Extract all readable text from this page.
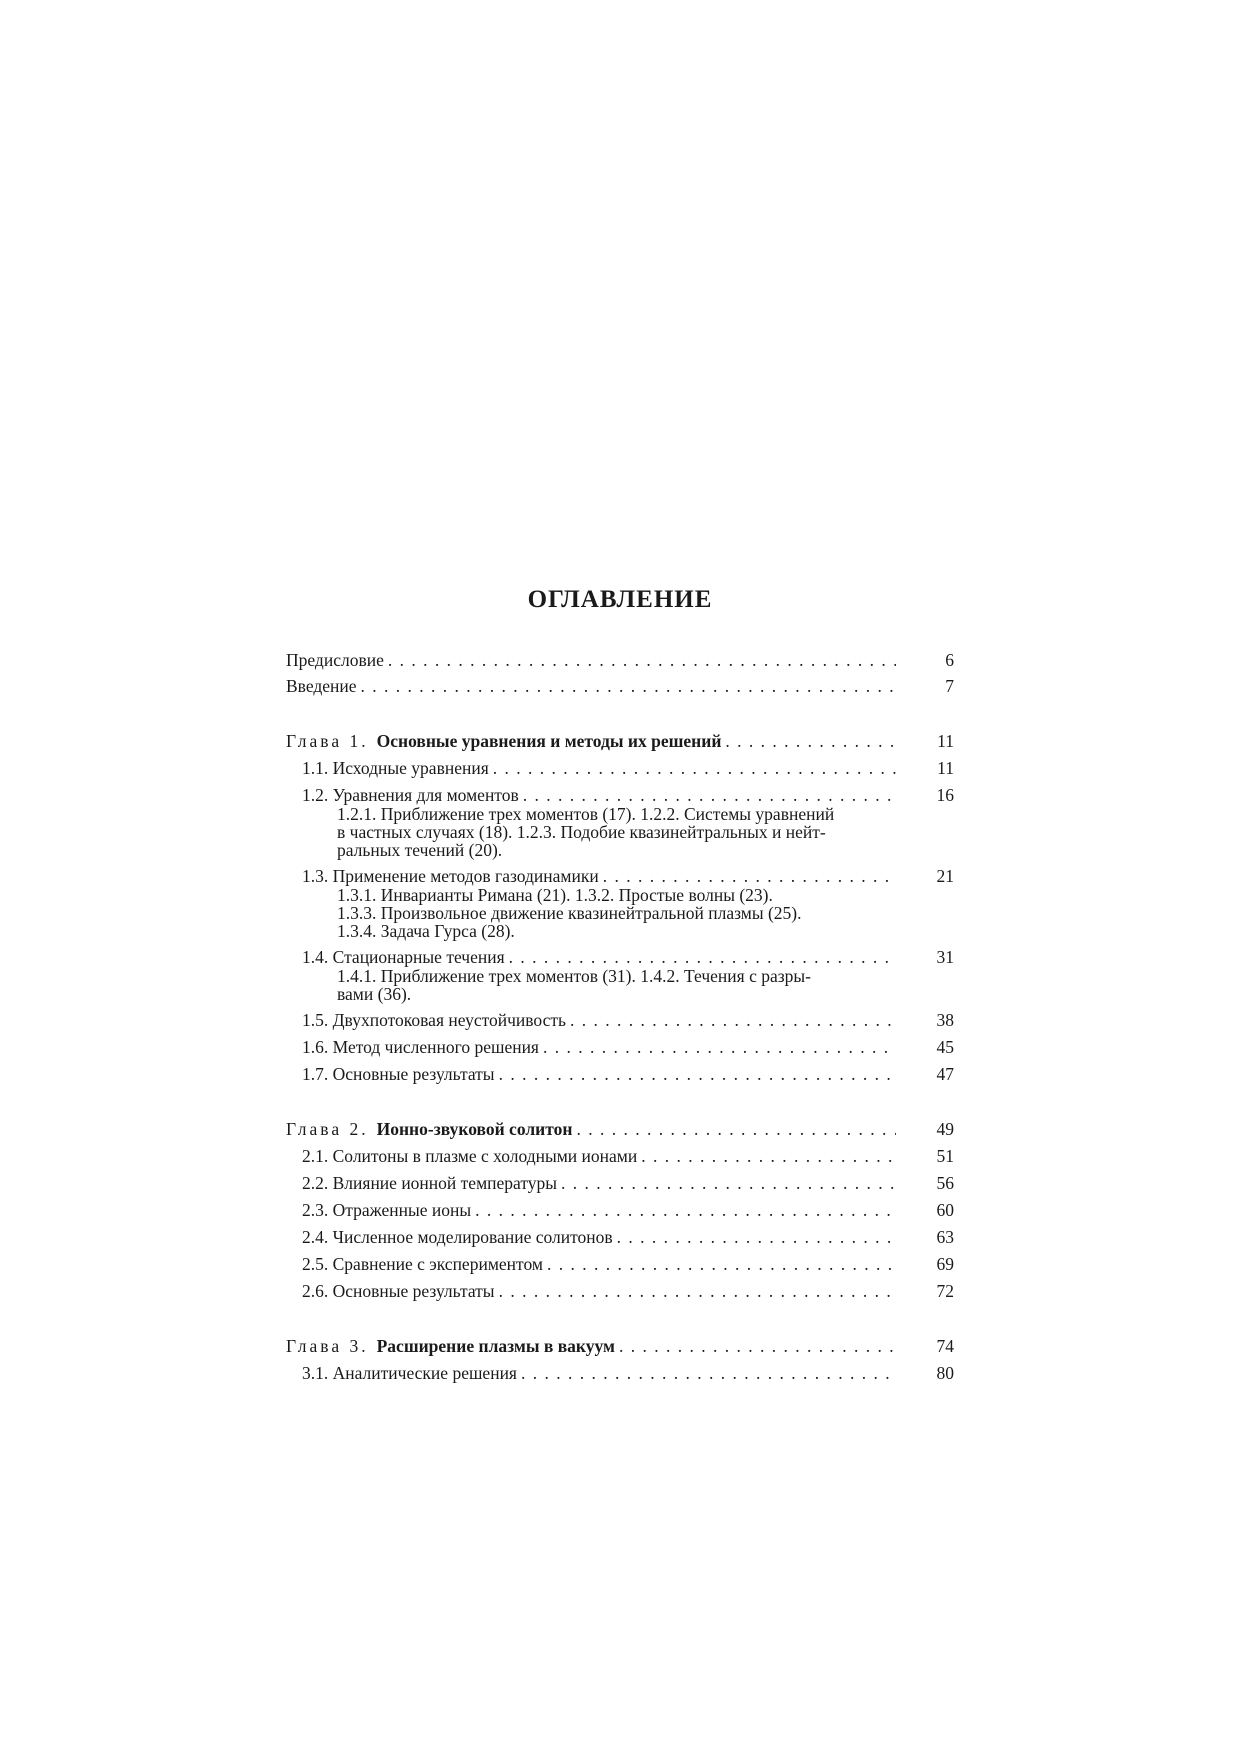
ОГЛАВЛЕНИЕ
Предисловие . . .	6
Введение . . .	7
Глава 1. Основные уравнения и методы их решений . . .	11
1.1. Исходные уравнения . . .	11
1.2. Уравнения для моментов . . .	16

1.2.1. Приближение трех моментов (17). 1.2.2. Системы уравнений
в частных случаях (18). 1.2.3. Подобие квазинейтральных и нейт-
ральных течений (20).

1.3. Применение методов газодинамики . . .	21

1.3.1. Инварианты Римана (21). 1.3.2. Простые волны (23).
1.3.3. Произвольное движение квазинейтральной плазмы (25).
1.3.4. Задача Гурса (28).

1.4. Стационарные течения . . .	31

1.4.1. Приближение трех моментов (31). 1.4.2. Течения с разры-
вами (36).

1.5. Двухпотоковая неустойчивость . . .	38
1.6. Метод численного решения . . .	45
1.7. Основные результаты . . .	47
Глава 2. Ионно-звуковой солитон . . .	49
2.1. Солитоны в плазме с холодными ионами . . .	51
2.2. Влияние ионной температуры . . .	56
2.3. Отраженные ионы . . .	60
2.4. Численное моделирование солитонов . . .	63
2.5. Сравнение с экспериментом . . .	69
2.6. Основные результаты . . .	72
Глава 3. Расширение плазмы в вакуум . . .	74
3.1. Аналитические решения . . .	80
